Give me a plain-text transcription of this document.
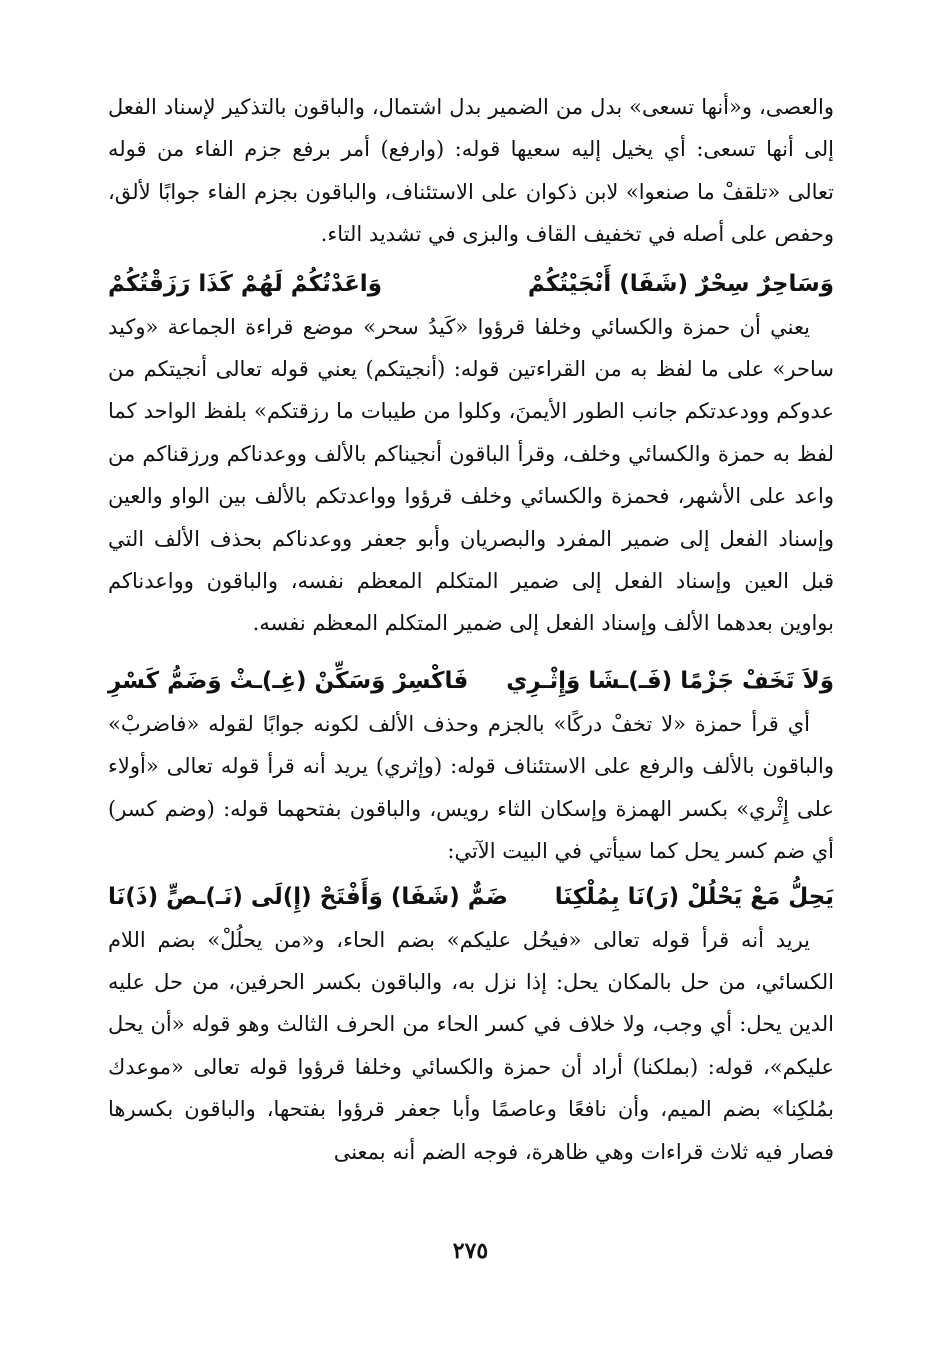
والعصى، و«أنها تسعى» بدل من الضمير بدل اشتمال، والباقون بالتذكير لإسناد الفعل إلى أنها تسعى: أي يخيل إليه سعيها قوله: (وارفع) أمر برفع جزم الفاء من قوله تعالى «تلقفْ ما صنعوا» لابن ذكوان على الاستئناف، والباقون بجزم الفاء جوابًا لألق، وحفص على أصله في تخفيف القاف والبزى في تشديد التاء.

وَسَاحِرٌ سِحْرٌ (شَفَا) أَنْجَيْتُكُمْ
وَاعَدْتُكُمْ لَهُمْ كَذَا رَزَقْتُكُمْ

يعني أن حمزة والكسائي وخلفا قرؤوا «كَيدُ سحر» موضع قراءة الجماعة «وكيد ساحر» على ما لفظ به من القراءتين قوله: (أنجيتكم) يعني قوله تعالى أنجيتكم من عدوكم وودعدتكم جانب الطور الأيمنَ، وكلوا من طيبات ما رزقتكم» بلفظ الواحد كما لفظ به حمزة والكسائي وخلف، وقرأ الباقون أنجيناكم بالألف ووعدناكم ورزقناكم من واعد على الأشهر، فحمزة والكسائي وخلف قرؤوا وواعدتكم بالألف بين الواو والعين وإسناد الفعل إلى ضمير المفرد والبصريان وأبو جعفر ووعدناكم بحذف الألف التي قبل العين وإسناد الفعل إلى ضمير المتكلم المعظم نفسه، والباقون وواعدناكم بواوين بعدهما الألف وإسناد الفعل إلى ضمير المتكلم المعظم نفسه.

وَلاَ تَخَفْ جَزْمًا (فَـ)ـشَا وَإِثْـرِي
فَاكْسِرْ وَسَكِّنْ (غِـ)ـثْ وَضَمُّ كَسْرِ

أي قرأ حمزة «لا تخفْ دركًا» بالجزم وحذف الألف لكونه جوابًا لقوله «فاضربْ» والباقون بالألف والرفع على الاستئناف قوله: (وإثري) يريد أنه قرأ قوله تعالى «أولاء على إِثْري» بكسر الهمزة وإسكان الثاء رويس، والباقون بفتحهما قوله: (وضم كسر) أي ضم كسر يحل كما سيأتي في البيت الآتي:

يَحِلُّ مَعْ يَحْلُلْ (رَ)نَا بِمُلْكِنَا
ضَمٌّ (شَفَا) وَأَفْتَحْ (إِ)لَى (نَـ)ـصٍّ (ذَ)نَا

يريد أنه قرأ قوله تعالى «فيحُل عليكم» بضم الحاء، و«من يحلُلْ» بضم اللام الكسائي، من حل بالمكان يحل: إذا نزل به، والباقون بكسر الحرفين، من حل عليه الدين يحل: أي وجب، ولا خلاف في كسر الحاء من الحرف الثالث وهو قوله «أن يحل عليكم»، قوله: (بملكنا) أراد أن حمزة والكسائي وخلفا قرؤوا قوله تعالى «موعدك بمُلكِنا» بضم الميم، وأن نافعًا وعاصمًا وأبا جعفر قرؤوا بفتحها، والباقون بكسرها فصار فيه ثلاث قراءات وهي ظاهرة، فوجه الضم أنه بمعنى

٢٧٥
